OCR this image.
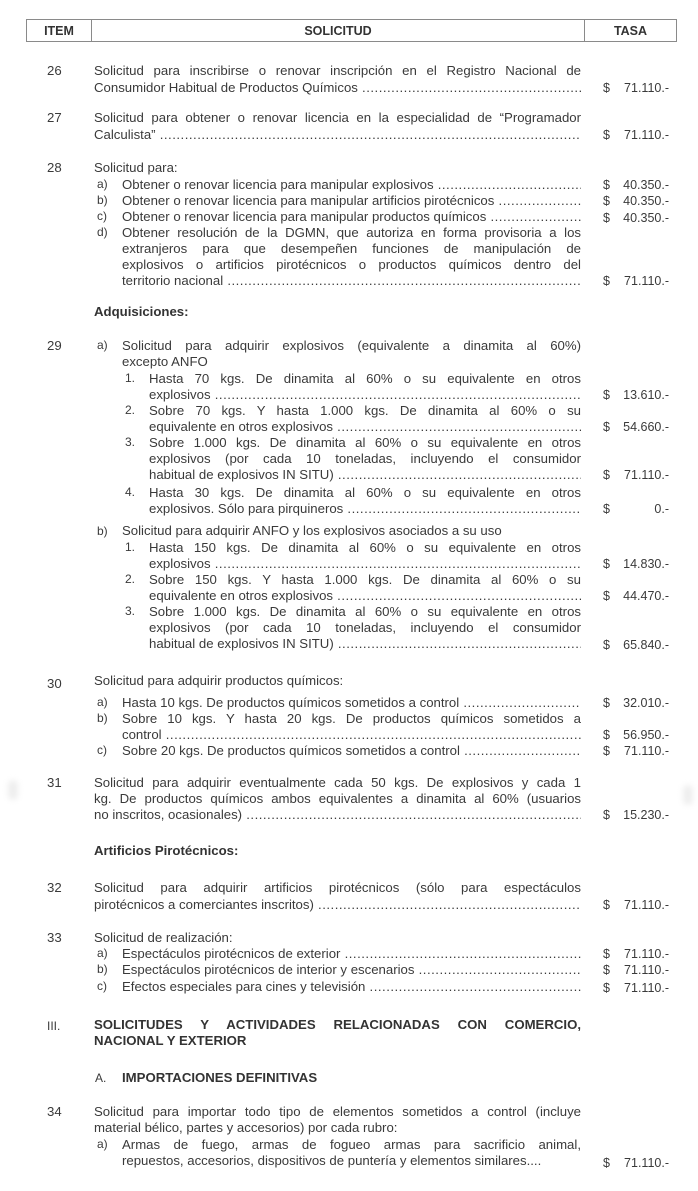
ITEM	SOLICITUD	TASA
26	Solicitud para inscribirse o renovar inscripción en el Registro Nacional de
Consumidor Habitual de Productos Químicos .....	$ 71.110.-
27	Solicitud para obtener o renovar licencia en la especialidad de “Programador
Calculista” .....	$ 71.110.-
28	Solicitud para:
a)	Obtener o renovar licencia para manipular explosivos .....	$ 40.350.-
b)	Obtener o renovar licencia para manipular artificios pirotécnicos .....	$ 40.350.-
c)	Obtener o renovar licencia para manipular productos químicos .....	$ 40.350.-
d)	Obtener resolución de la DGMN, que autoriza en forma provisoria a los
extranjeros para que desempeñen funciones de manipulación de
explosivos o artificios pirotécnicos o productos químicos dentro del
territorio nacional .....	$ 71.110.-
Adquisiciones:
29	a)	Solicitud para adquirir explosivos (equivalente a dinamita al 60%)
excepto ANFO
1.	Hasta 70 kgs. De dinamita al 60% o su equivalente en otros
explosivos .....	$ 13.610.-
2.	Sobre 70 kgs. Y hasta 1.000 kgs. De dinamita al 60% o su
equivalente en otros explosivos .....	$ 54.660.-
3.	Sobre 1.000 kgs. De dinamita al 60% o su equivalente en otros
explosivos (por cada 10 toneladas, incluyendo el consumidor
habitual de explosivos IN SITU) .....	$ 71.110.-
4.	Hasta 30 kgs. De dinamita al 60% o su equivalente en otros
explosivos. Sólo para pirquineros .....	$	0.-
b)	Solicitud para adquirir ANFO y los explosivos asociados a su uso
1.	Hasta 150 kgs. De dinamita al 60% o su equivalente en otros
explosivos .....	$ 14.830.-
2.	Sobre 150 kgs. Y hasta 1.000 kgs. De dinamita al 60% o su
equivalente en otros explosivos .....	$ 44.470.-
3.	Sobre 1.000 kgs. De dinamita al 60% o su equivalente en otros
explosivos (por cada 10 toneladas, incluyendo el consumidor
habitual de explosivos IN SITU) .....	$ 65.840.-
30	Solicitud para adquirir productos químicos:
a)	Hasta 10 kgs. De productos químicos sometidos a control .....	$ 32.010.-
b)	Sobre 10 kgs. Y hasta 20 kgs. De productos químicos sometidos a
control .....	$ 56.950.-
c)	Sobre 20 kgs. De productos químicos sometidos a control .....	$ 71.110.-
31	Solicitud para adquirir eventualmente cada 50 kgs. De explosivos y cada 1
kg. De productos químicos ambos equivalentes a dinamita al 60% (usuarios
no inscritos, ocasionales) .....	$ 15.230.-
Artificios Pirotécnicos:
32	Solicitud para adquirir artificios pirotécnicos (sólo para espectáculos
pirotécnicos a comerciantes inscritos) .....	$ 71.110.-
33	Solicitud de realización:
a)	Espectáculos pirotécnicos de exterior .....	$ 71.110.-
b)	Espectáculos pirotécnicos de interior y escenarios .....	$ 71.110.-
c)	Efectos especiales para cines y televisión .....	$ 71.110.-
III.	SOLICITUDES Y ACTIVIDADES RELACIONADAS CON COMERCIO,
NACIONAL Y EXTERIOR
A.	IMPORTACIONES DEFINITIVAS
34	Solicitud para importar todo tipo de elementos sometidos a control (incluye
material bélico, partes y accesorios) por cada rubro:
a)	Armas de fuego, armas de fogueo armas para sacrificio animal,
repuestos, accesorios, dispositivos de puntería y elementos similares....	$ 71.110.-
